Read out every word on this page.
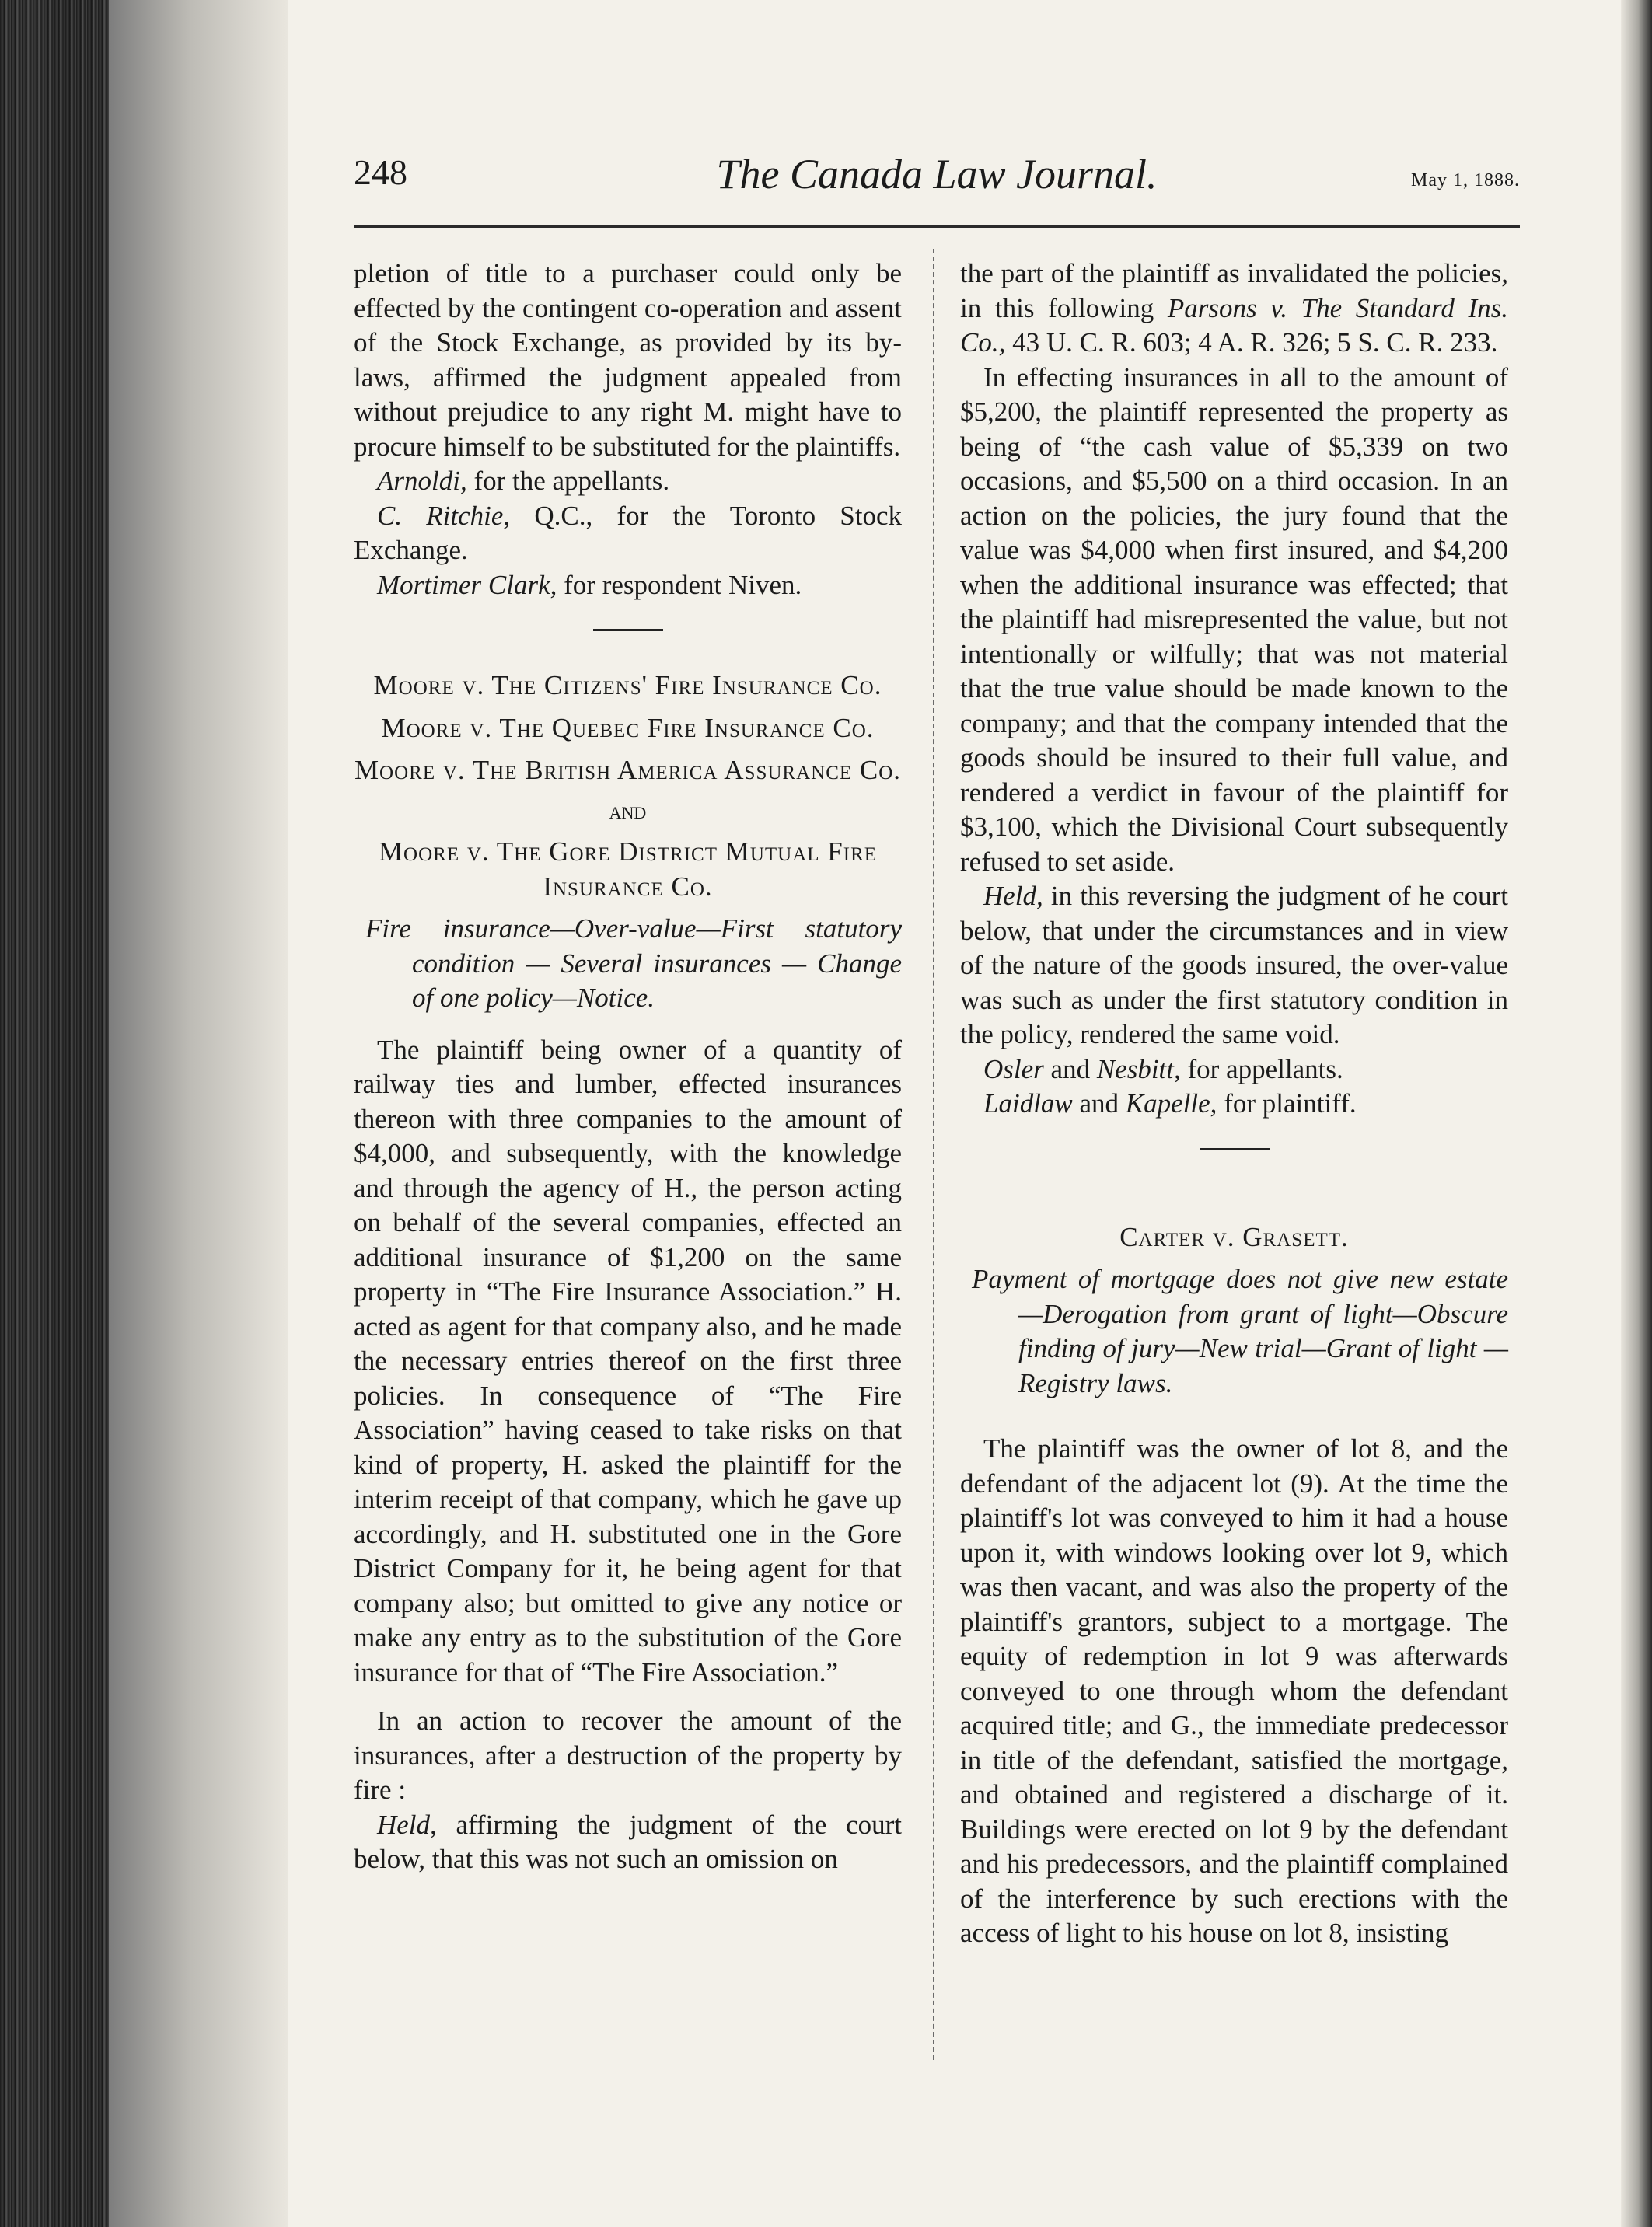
248	The Canada Law Journal.	May 1, 1888.

pletion of title to a purchaser could only be effected by the contingent co-operation and assent of the Stock Exchange, as provided by its by-laws, affirmed the judgment appealed from without prejudice to any right M. might have to procure himself to be substituted for the plaintiffs.

Arnoldi, for the appellants.

C. Ritchie, Q.C., for the Toronto Stock Exchange.

Mortimer Clark, for respondent Niven.

Moore v. The Citizens' Fire Insurance Co.

Moore v. The Quebec Fire Insurance Co.

Moore v. The British America Assurance Co.

and

Moore v. The Gore District Mutual Fire Insurance Co.

Fire insurance—Over-value—First statutory condition — Several insurances — Change of one policy—Notice.

The plaintiff being owner of a quantity of railway ties and lumber, effected insurances thereon with three companies to the amount of $4,000, and subsequently, with the knowledge and through the agency of H., the person acting on behalf of the several companies, effected an additional insurance of $1,200 on the same property in “The Fire Insurance Association.” H. acted as agent for that company also, and he made the necessary entries thereof on the first three policies. In consequence of “The Fire Association” having ceased to take risks on that kind of property, H. asked the plaintiff for the interim receipt of that company, which he gave up accordingly, and H. substituted one in the Gore District Company for it, he being agent for that company also; but omitted to give any notice or make any entry as to the substitution of the Gore insurance for that of “The Fire Association.”

In an action to recover the amount of the insurances, after a destruction of the property by fire :

Held, affirming the judgment of the court below, that this was not such an omission on

the part of the plaintiff as invalidated the policies, in this following Parsons v. The Standard Ins. Co., 43 U. C. R. 603; 4 A. R. 326; 5 S. C. R. 233.

In effecting insurances in all to the amount of $5,200, the plaintiff represented the property as being of “the cash value of $5,339 on two occasions, and $5,500 on a third occasion. In an action on the policies, the jury found that the value was $4,000 when first insured, and $4,200 when the additional insurance was effected; that the plaintiff had misrepresented the value, but not intentionally or wilfully; that was not material that the true value should be made known to the company; and that the company intended that the goods should be insured to their full value, and rendered a verdict in favour of the plaintiff for $3,100, which the Divisional Court subsequently refused to set aside.

Held, in this reversing the judgment of he court below, that under the circumstances and in view of the nature of the goods insured, the over-value was such as under the first statutory condition in the policy, rendered the same void.

Osler and Nesbitt, for appellants.

Laidlaw and Kapelle, for plaintiff.

Carter v. Grasett.

Payment of mortgage does not give new estate —Derogation from grant of light—Obscure finding of jury—New trial—Grant of light —Registry laws.

The plaintiff was the owner of lot 8, and the defendant of the adjacent lot (9). At the time the plaintiff's lot was conveyed to him it had a house upon it, with windows looking over lot 9, which was then vacant, and was also the property of the plaintiff's grantors, subject to a mortgage. The equity of redemption in lot 9 was afterwards conveyed to one through whom the defendant acquired title; and G., the immediate predecessor in title of the defendant, satisfied the mortgage, and obtained and registered a discharge of it. Buildings were erected on lot 9 by the defendant and his predecessors, and the plaintiff complained of the interference by such erections with the access of light to his house on lot 8, insisting
